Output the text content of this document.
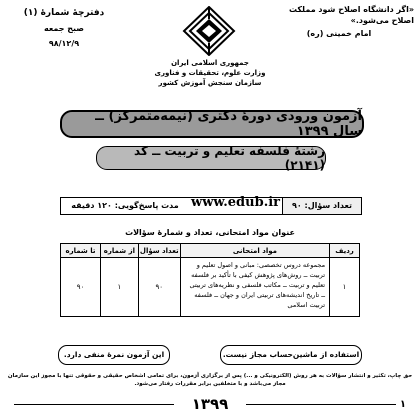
«اگر دانشگاه اصلاح شود مملکت اصلاح می‌شود.»
امام خمینی (ره)
دفترچهٔ شمارهٔ (۱)
صبح جمعه
۹۸/۱۲/۹
جمهوری اسلامی ایران
وزارت علوم، تحقیقات و فناوری
سازمان سنجش آموزش کشور
آزمون ورودی دورهٔ دکتری (نیمه‌متمرکز) ــ سال ۱۳۹۹
رشتهٔ فلسفه تعلیم و تربیت ــ کد (۲۱۴۱)
تعداد سؤال: ۹۰
www.edub.ir
مدت پاسخ‌گویی: ۱۲۰ دقیقه
عنوان مواد امتحانی، تعداد و شمارهٔ سؤالات
ردیف	مواد امتحانی	تعداد سؤال	از شماره	تا شماره
۱	مجموعه دروس تخصصی: مبانی و اصول تعلیم و تربیت ــ روش‌های پژوهش کیفی با تأکید بر فلسفه تعلیم و تربیت ــ مکاتب فلسفی و نظریه‌های تربیتی ــ تاریخ اندیشه‌های تربیتی ایران و جهان ــ فلسفه تربیت اسلامی	۹۰	۱	۹۰
استفاده از ماشین‌حساب مجاز نیست.
این آزمون نمرهٔ منفی دارد.
حق چاپ، تکثیر و انتشار سؤالات به هر روش (الکترونیکی و ...) پس از برگزاری آزمون، برای تمامی اشخاص حقیقی و حقوقی تنها با مجوز این سازمان مجاز می‌باشد و با متخلفین برابر مقررات رفتار می‌شود.
۱۳۹۹	۱
